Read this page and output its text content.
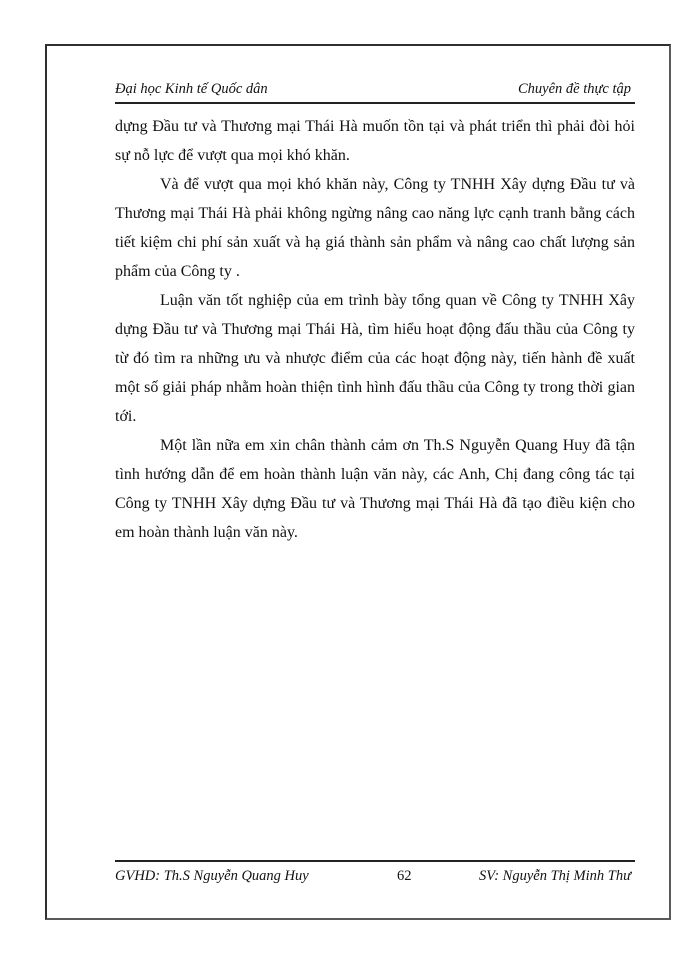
Đại học Kinh tế Quốc dân	Chuyên đề thực tập

dựng Đầu tư và Thương mại Thái Hà muốn tồn tại và phát triển thì phải đòi hỏi sự nỗ lực để vượt qua mọi khó khăn.

Và để vượt qua mọi khó khăn này, Công ty TNHH Xây dựng Đầu tư và Thương mại Thái Hà phải không ngừng nâng cao năng lực cạnh tranh bằng cách tiết kiệm chi phí sản xuất và hạ giá thành sản phẩm và nâng cao chất lượng sản phẩm của Công ty .

Luận văn tốt nghiệp của em trình bày tổng quan về Công ty TNHH Xây dựng Đầu tư và Thương mại Thái Hà, tìm hiểu hoạt động đấu thầu của Công ty từ đó tìm ra những ưu và nhược điểm của các hoạt động này, tiến hành đề xuất một số giải pháp nhằm hoàn thiện tình hình đấu thầu của Công ty trong thời gian tới.

Một lần nữa em xin chân thành cảm ơn Th.S Nguyễn Quang Huy đã tận tình hướng dẫn để em hoàn thành luận văn này, các Anh, Chị đang công tác tại Công ty TNHH Xây dựng Đầu tư và Thương mại Thái Hà đã tạo điều kiện cho em hoàn thành luận văn này.

GVHD: Th.S Nguyễn Quang Huy	62	SV: Nguyễn Thị Minh Thư
